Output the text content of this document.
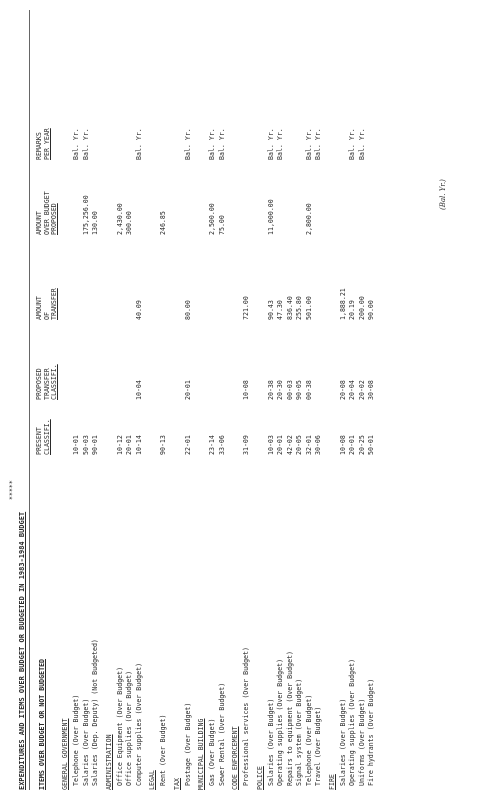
*****
EXPENDITURES AND ITEMS OVER BUDGET OR BUDGETED IN 1983-1984 BUDGET ITEMS OVER BUDGET OR NOT BUDGETED
PRESENT CLASSIFI.
PROPOSED TRANSFER CLASSIFI.
AMOUNT OF TRANSFER
AMOUNT OVER BUDGET PROPOSED
REMARKS PER YEAR
GENERAL GOVERNMENT Telephone (Over Budget)
10-01
Bal. Yr.
Salaries (Over Budget)
50-03
175,256.00
Bal. Yr.
Salaries (Dep. Deputy) (Not Budgeted)
90-01
130.00
ADMINISTRATION Office Equipment (Over Budget)
10-12
2,430.00
Office supplies (Over Budget)
20-01
300.00
Computer supplies (Over Budget)
10-14
10-04
40.09
Bal. Yr.
LEGAL Rent (Over Budget)
90-13
246.85
TAX Postage (Over Budget)
22-01
20-01
80.00
Bal. Yr.
MUNICIPAL BUILDING Gas (Over Budget)
23-14
2,500.00
Bal. Yr.
Sewer Rental (Over Budget)
33-06
75.00
Bal. Yr.
CODE ENFORCEMENT Professional services (Over Budget)
31-09
10-08
721.00
POLICE Salaries (Over Budget)
10-03
20-38
90.43
11,000.00
Bal. Yr.
Operating supplies (Over Budget)
20-01
20-30
47.30
Bal. Yr.
Repairs to equipment (Over Budget)
42-02
00-03
836.40
Signal system (Over Budget)
20-05
90-05
255.80
Telephone (Over Budget)
32-01
00-38
501.00
2,800.00
Bal. Yr.
Travel (Over Budget)
30-06
Bal. Yr.
FIRE Salaries (Over Budget)
10-08
20-08
1,888.21
Operating supplies (Over Budget)
20-01
20-04
20.19
Bal. Yr.
Uniforms (Over Budget)
20-25
20-02
200.00
Bal. Yr.
Fire hydrants (Over Budget)
50-01
30-08
90.00
(Bal. Yr.)
